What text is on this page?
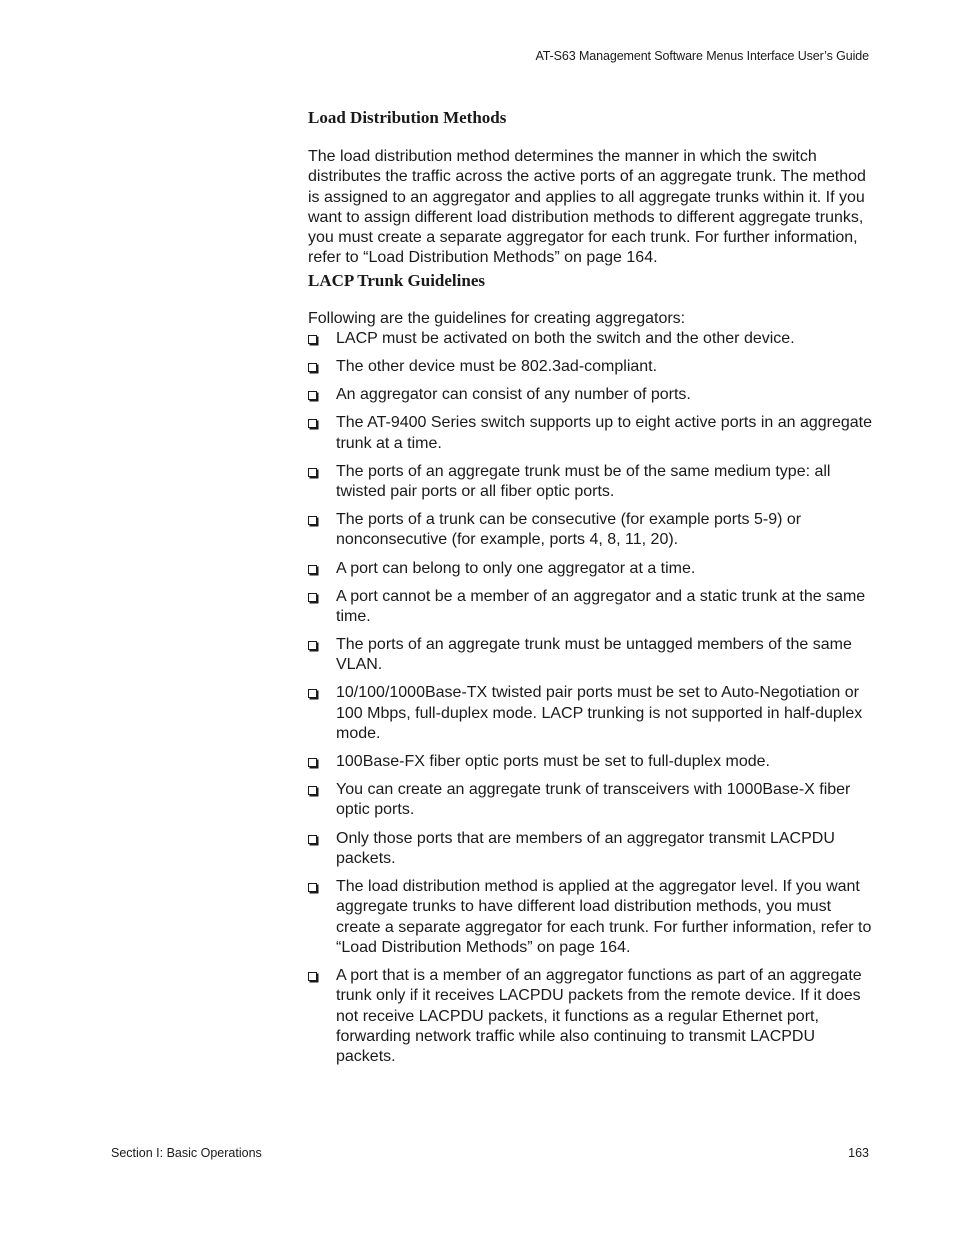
AT-S63 Management Software Menus Interface User’s Guide
Load Distribution Methods

The load distribution method determines the manner in which the switch distributes the traffic across the active ports of an aggregate trunk. The method is assigned to an aggregator and applies to all aggregate trunks within it. If you want to assign different load distribution methods to different aggregate trunks, you must create a separate aggregator for each trunk. For further information, refer to “Load Distribution Methods” on page 164.

LACP Trunk Guidelines

Following are the guidelines for creating aggregators:

LACP must be activated on both the switch and the other device.
The other device must be 802.3ad-compliant.
An aggregator can consist of any number of ports.
The AT-9400 Series switch supports up to eight active ports in an aggregate trunk at a time.
The ports of an aggregate trunk must be of the same medium type: all twisted pair ports or all fiber optic ports.
The ports of a trunk can be consecutive (for example ports 5-9) or nonconsecutive (for example, ports 4, 8, 11, 20).
A port can belong to only one aggregator at a time.
A port cannot be a member of an aggregator and a static trunk at the same time.
The ports of an aggregate trunk must be untagged members of the same VLAN.
10/100/1000Base-TX twisted pair ports must be set to Auto-Negotiation or 100 Mbps, full-duplex mode. LACP trunking is not supported in half-duplex mode.
100Base-FX fiber optic ports must be set to full-duplex mode.
You can create an aggregate trunk of transceivers with 1000Base-X fiber optic ports.
Only those ports that are members of an aggregator transmit LACPDU packets.
The load distribution method is applied at the aggregator level. If you want aggregate trunks to have different load distribution methods, you must create a separate aggregator for each trunk. For further information, refer to “Load Distribution Methods” on page 164.
A port that is a member of an aggregator functions as part of an aggregate trunk only if it receives LACPDU packets from the remote device. If it does not receive LACPDU packets, it functions as a regular Ethernet port, forwarding network traffic while also continuing to transmit LACPDU packets.
Section I: Basic Operations	163
